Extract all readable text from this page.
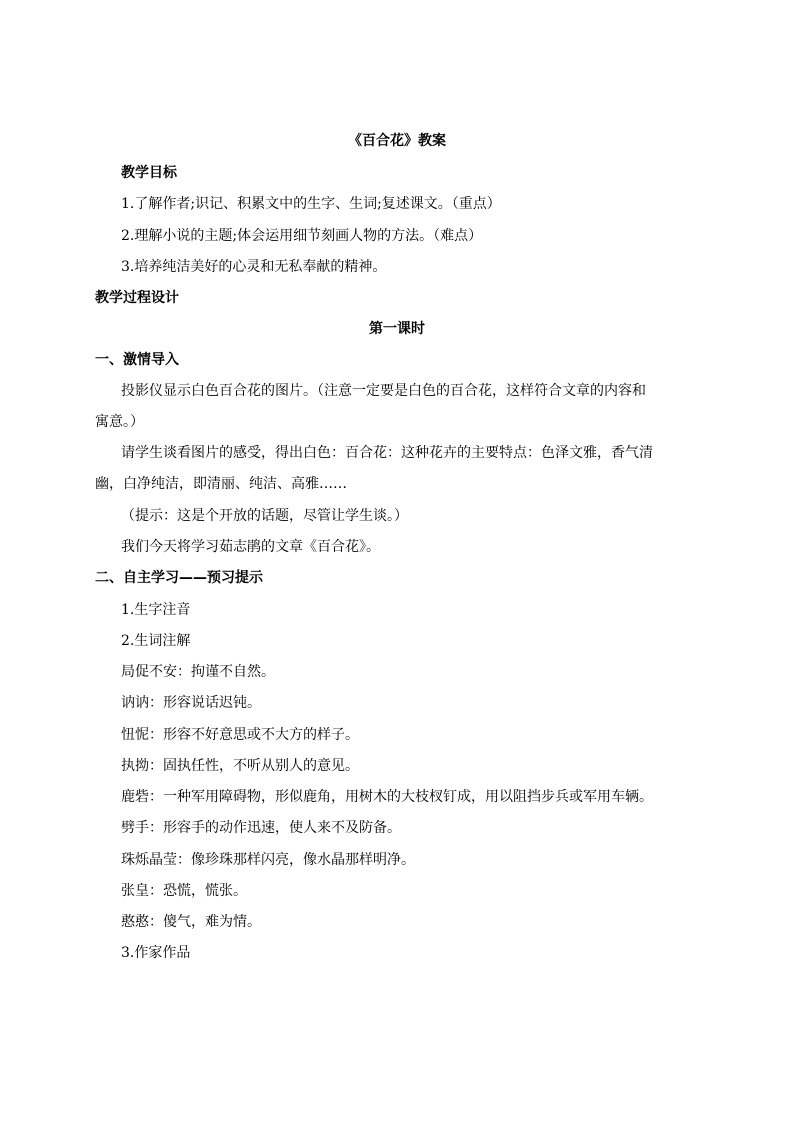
《百合花》教案
教学目标
1.了解作者;识记、积累文中的生字、生词;复述课文。（重点）
2.理解小说的主题;体会运用细节刻画人物的方法。（难点）
3.培养纯洁美好的心灵和无私奉献的精神。
教学过程设计
第一课时
一、激情导入
投影仪显示白色百合花的图片。（注意一定要是白色的百合花，这样符合文章的内容和
寓意。）
请学生谈看图片的感受，得出白色：百合花：这种花卉的主要特点：色泽文雅，香气清
幽，白净纯洁，即清丽、纯洁、高雅……
（提示：这是个开放的话题，尽管让学生谈。）
我们今天将学习茹志鹃的文章《百合花》。
二、自主学习——预习提示
1.生字注音
2.生词注解
局促不安：拘谨不自然。
讷讷：形容说话迟钝。
忸怩：形容不好意思或不大方的样子。
执拗：固执任性，不听从别人的意见。
鹿砦：一种军用障碍物，形似鹿角，用树木的大枝杈钉成，用以阻挡步兵或军用车辆。
劈手：形容手的动作迅速，使人来不及防备。
珠烁晶莹：像珍珠那样闪亮，像水晶那样明净。
张皇：恐慌，慌张。
憨憨：傻气，难为情。
3.作家作品
